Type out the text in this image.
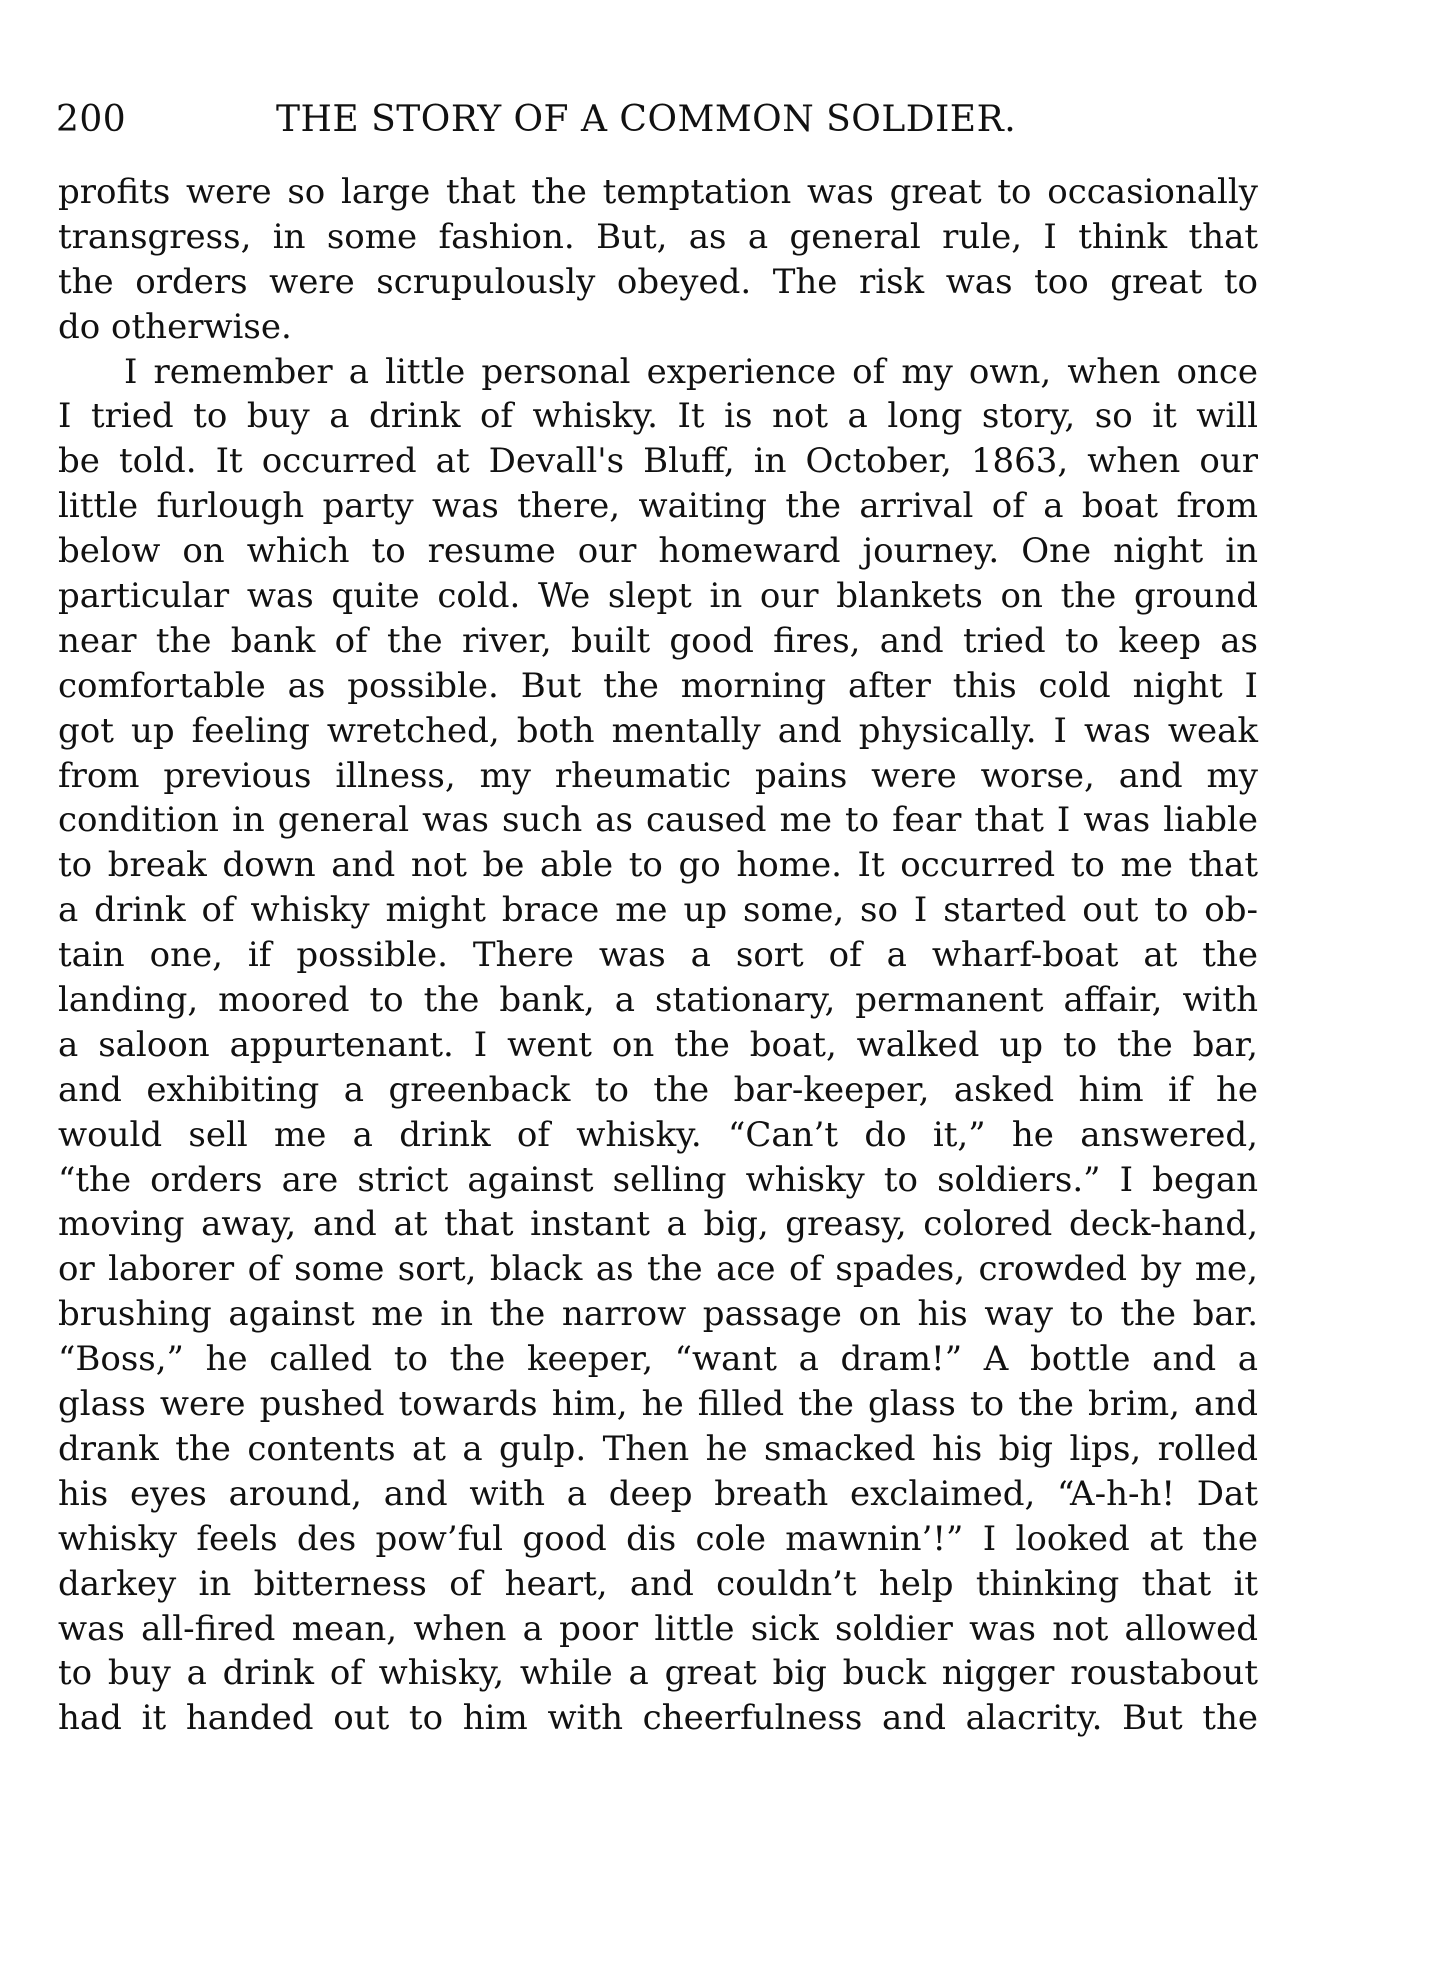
200	THE STORY OF A COMMON SOLDIER.
profits were so large that the temptation was great to occasionally
transgress, in some fashion. But, as a general rule, I think that
the orders were scrupulously obeyed. The risk was too great to
do otherwise.
I remember a little personal experience of my own, when once
I tried to buy a drink of whisky. It is not a long story, so it will
be told. It occurred at Devall's Bluff, in October, 1863, when our
little furlough party was there, waiting the arrival of a boat from
below on which to resume our homeward journey. One night in
particular was quite cold. We slept in our blankets on the ground
near the bank of the river, built good fires, and tried to keep as
comfortable as possible. But the morning after this cold night I
got up feeling wretched, both mentally and physically. I was weak
from previous illness, my rheumatic pains were worse, and my
condition in general was such as caused me to fear that I was liable
to break down and not be able to go home. It occurred to me that
a drink of whisky might brace me up some, so I started out to ob-
tain one, if possible. There was a sort of a wharf-boat at the
landing, moored to the bank, a stationary, permanent affair, with
a saloon appurtenant. I went on the boat, walked up to the bar,
and exhibiting a greenback to the bar-keeper, asked him if he
would sell me a drink of whisky. “Can’t do it,” he answered,
“the orders are strict against selling whisky to soldiers.” I began
moving away, and at that instant a big, greasy, colored deck-hand,
or laborer of some sort, black as the ace of spades, crowded by me,
brushing against me in the narrow passage on his way to the bar.
“Boss,” he called to the keeper, “want a dram!” A bottle and a
glass were pushed towards him, he filled the glass to the brim, and
drank the contents at a gulp. Then he smacked his big lips, rolled
his eyes around, and with a deep breath exclaimed, “A-h-h! Dat
whisky feels des pow’ful good dis cole mawnin’!” I looked at the
darkey in bitterness of heart, and couldn’t help thinking that it
was all-fired mean, when a poor little sick soldier was not allowed
to buy a drink of whisky, while a great big buck nigger roustabout
had it handed out to him with cheerfulness and alacrity. But the
